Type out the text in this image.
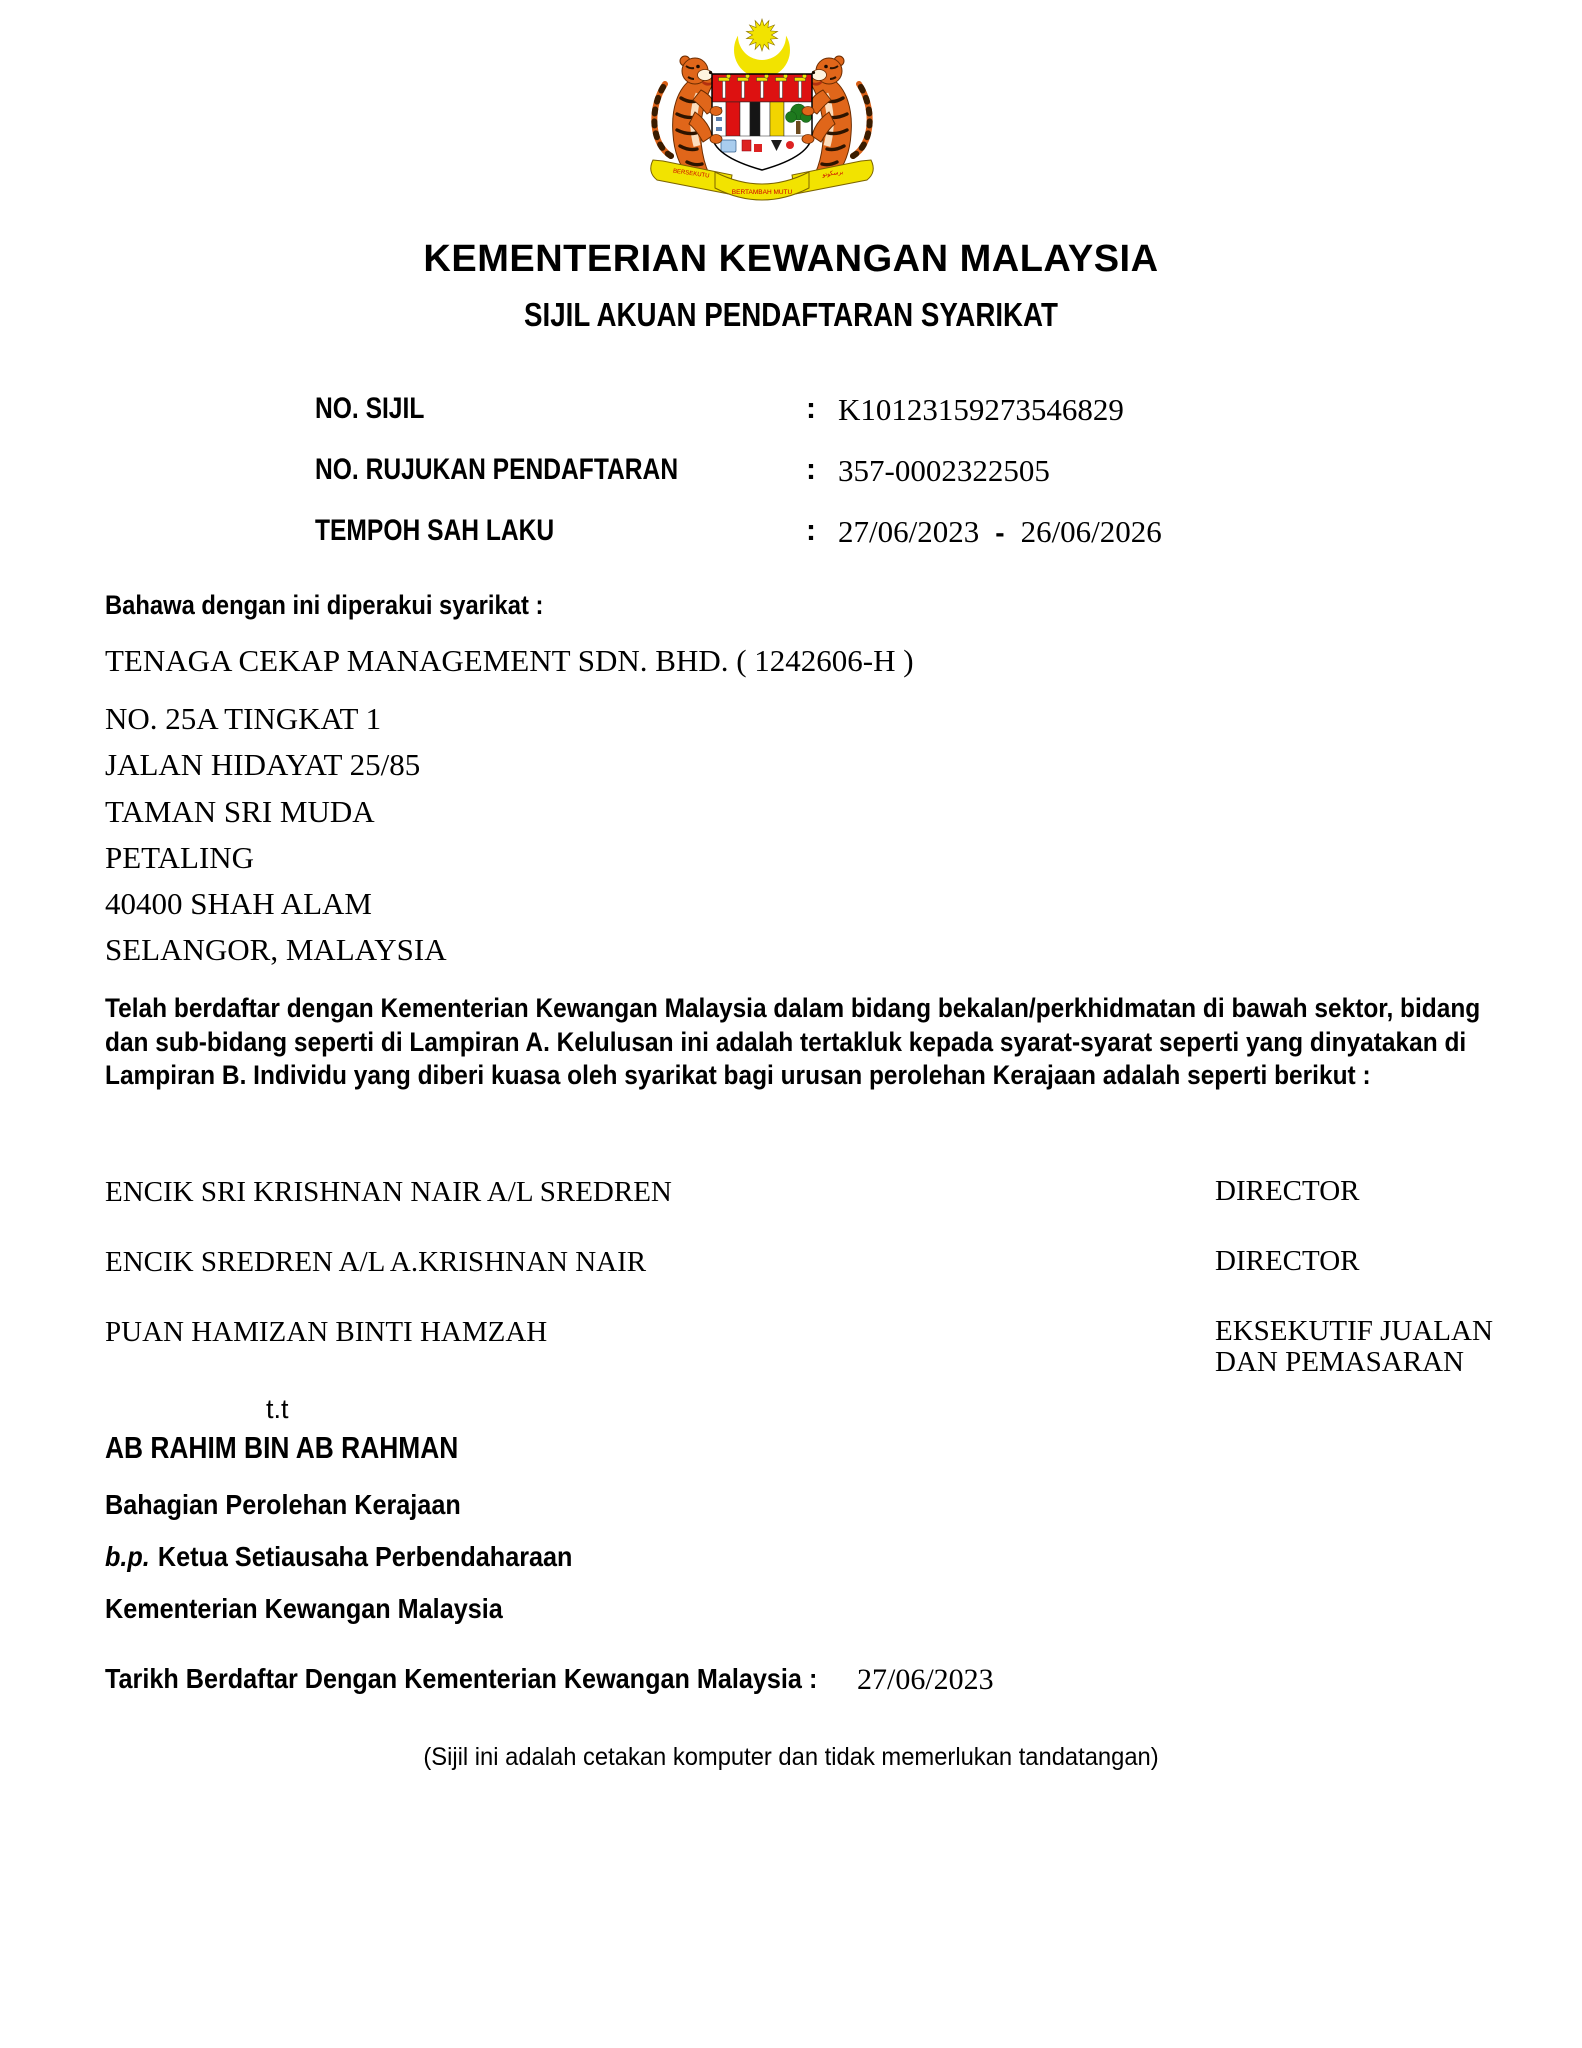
BERSEKUTU
BERTAMBAH MUTU
برسكوتو
KEMENTERIAN KEWANGAN MALAYSIA
SIJIL AKUAN PENDAFTARAN SYARIKAT
NO. SIJIL	: K10123159273546829
NO. RUJUKAN PENDAFTARAN	: 357-0002322505
TEMPOH SAH LAKU	: 27/06/2023 - 26/06/2026
Bahawa dengan ini diperakui syarikat :
TENAGA CEKAP MANAGEMENT SDN. BHD. ( 1242606-H )
NO. 25A TINGKAT 1
JALAN HIDAYAT 25/85
TAMAN SRI MUDA
PETALING
40400 SHAH ALAM
SELANGOR, MALAYSIA
Telah berdaftar dengan Kementerian Kewangan Malaysia dalam bidang bekalan/perkhidmatan di bawah sektor, bidang dan sub-bidang seperti di Lampiran A. Kelulusan ini adalah tertakluk kepada syarat-syarat seperti yang dinyatakan di Lampiran B. Individu yang diberi kuasa oleh syarikat bagi urusan perolehan Kerajaan adalah seperti berikut :
ENCIK SRI KRISHNAN NAIR A/L SREDREN	DIRECTOR
ENCIK SREDREN A/L A.KRISHNAN NAIR	DIRECTOR
PUAN HAMIZAN BINTI HAMZAH	EKSEKUTIF JUALAN DAN PEMASARAN
t.t
AB RAHIM BIN AB RAHMAN
Bahagian Perolehan Kerajaan
b.p. Ketua Setiausaha Perbendaharaan
Kementerian Kewangan Malaysia
Tarikh Berdaftar Dengan Kementerian Kewangan Malaysia : 27/06/2023
(Sijil ini adalah cetakan komputer dan tidak memerlukan tandatangan)
